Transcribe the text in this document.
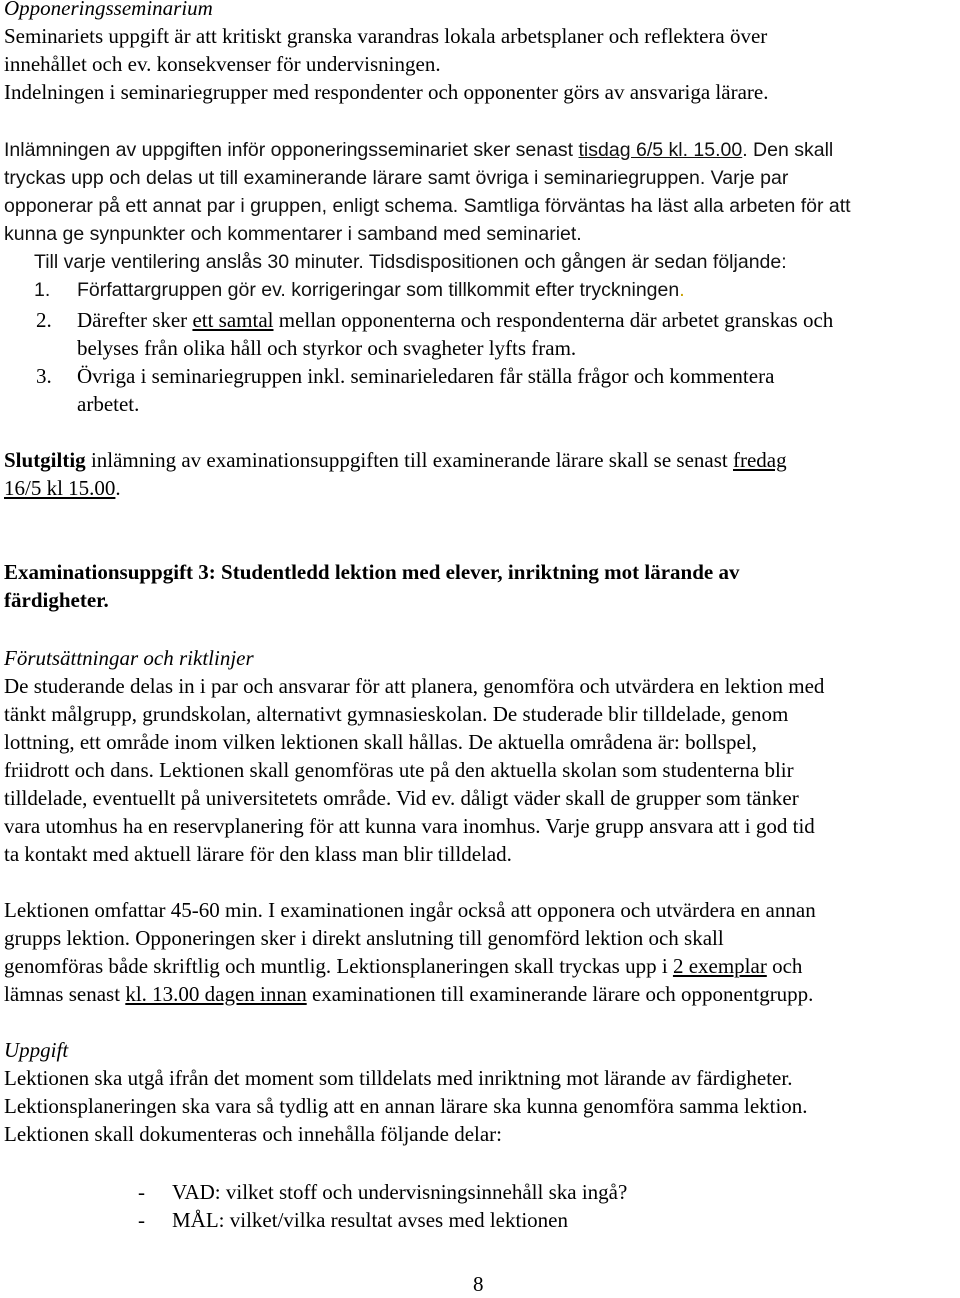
Opponeringsseminarium
Seminariets uppgift är att kritiskt granska varandras lokala arbetsplaner och reflektera över
innehållet och ev. konsekvenser för undervisningen.
Indelningen i seminariegrupper med respondenter och opponenter görs av ansvariga lärare.
Inlämningen av uppgiften inför opponeringsseminariet sker senast tisdag 6/5 kl. 15.00. Den skall
tryckas upp och delas ut till examinerande lärare samt övriga i seminariegruppen. Varje par
opponerar på ett annat par i gruppen, enligt schema. Samtliga förväntas ha läst alla arbeten för att
kunna ge synpunkter och kommentarer i samband med seminariet.
Till varje ventilering anslås 30 minuter. Tidsdispositionen och gången är sedan följande:
1. Författargruppen gör ev. korrigeringar som tillkommit efter tryckningen.
2. Därefter sker ett samtal mellan opponenterna och respondenterna där arbetet granskas och
belyses från olika håll och styrkor och svagheter lyfts fram.
3. Övriga i seminariegruppen inkl. seminarieledaren får ställa frågor och kommentera
arbetet.
Slutgiltig inlämning av examinationsuppgiften till examinerande lärare skall se senast fredag
16/5 kl 15.00.
Examinationsuppgift 3: Studentledd lektion med elever, inriktning mot lärande av
färdigheter.
Förutsättningar och riktlinjer
De studerande delas in i par och ansvarar för att planera, genomföra och utvärdera en lektion med
tänkt målgrupp, grundskolan, alternativt gymnasieskolan. De studerade blir tilldelade, genom
lottning, ett område inom vilken lektionen skall hållas. De aktuella områdena är: bollspel,
friidrott och dans. Lektionen skall genomföras ute på den aktuella skolan som studenterna blir
tilldelade, eventuellt på universitetets område. Vid ev. dåligt väder skall de grupper som tänker
vara utomhus ha en reservplanering för att kunna vara inomhus. Varje grupp ansvara att i god tid
ta kontakt med aktuell lärare för den klass man blir tilldelad.
Lektionen omfattar 45-60 min. I examinationen ingår också att opponera och utvärdera en annan
grupps lektion. Opponeringen sker i direkt anslutning till genomförd lektion och skall
genomföras både skriftlig och muntlig. Lektionsplaneringen skall tryckas upp i 2 exemplar och
lämnas senast kl. 13.00 dagen innan examinationen till examinerande lärare och opponentgrupp.
Uppgift
Lektionen ska utgå ifrån det moment som tilldelats med inriktning mot lärande av färdigheter.
Lektionsplaneringen ska vara så tydlig att en annan lärare ska kunna genomföra samma lektion.
Lektionen skall dokumenteras och innehålla följande delar:
- VAD: vilket stoff och undervisningsinnehåll ska ingå?
- MÅL: vilket/vilka resultat avses med lektionen
8
